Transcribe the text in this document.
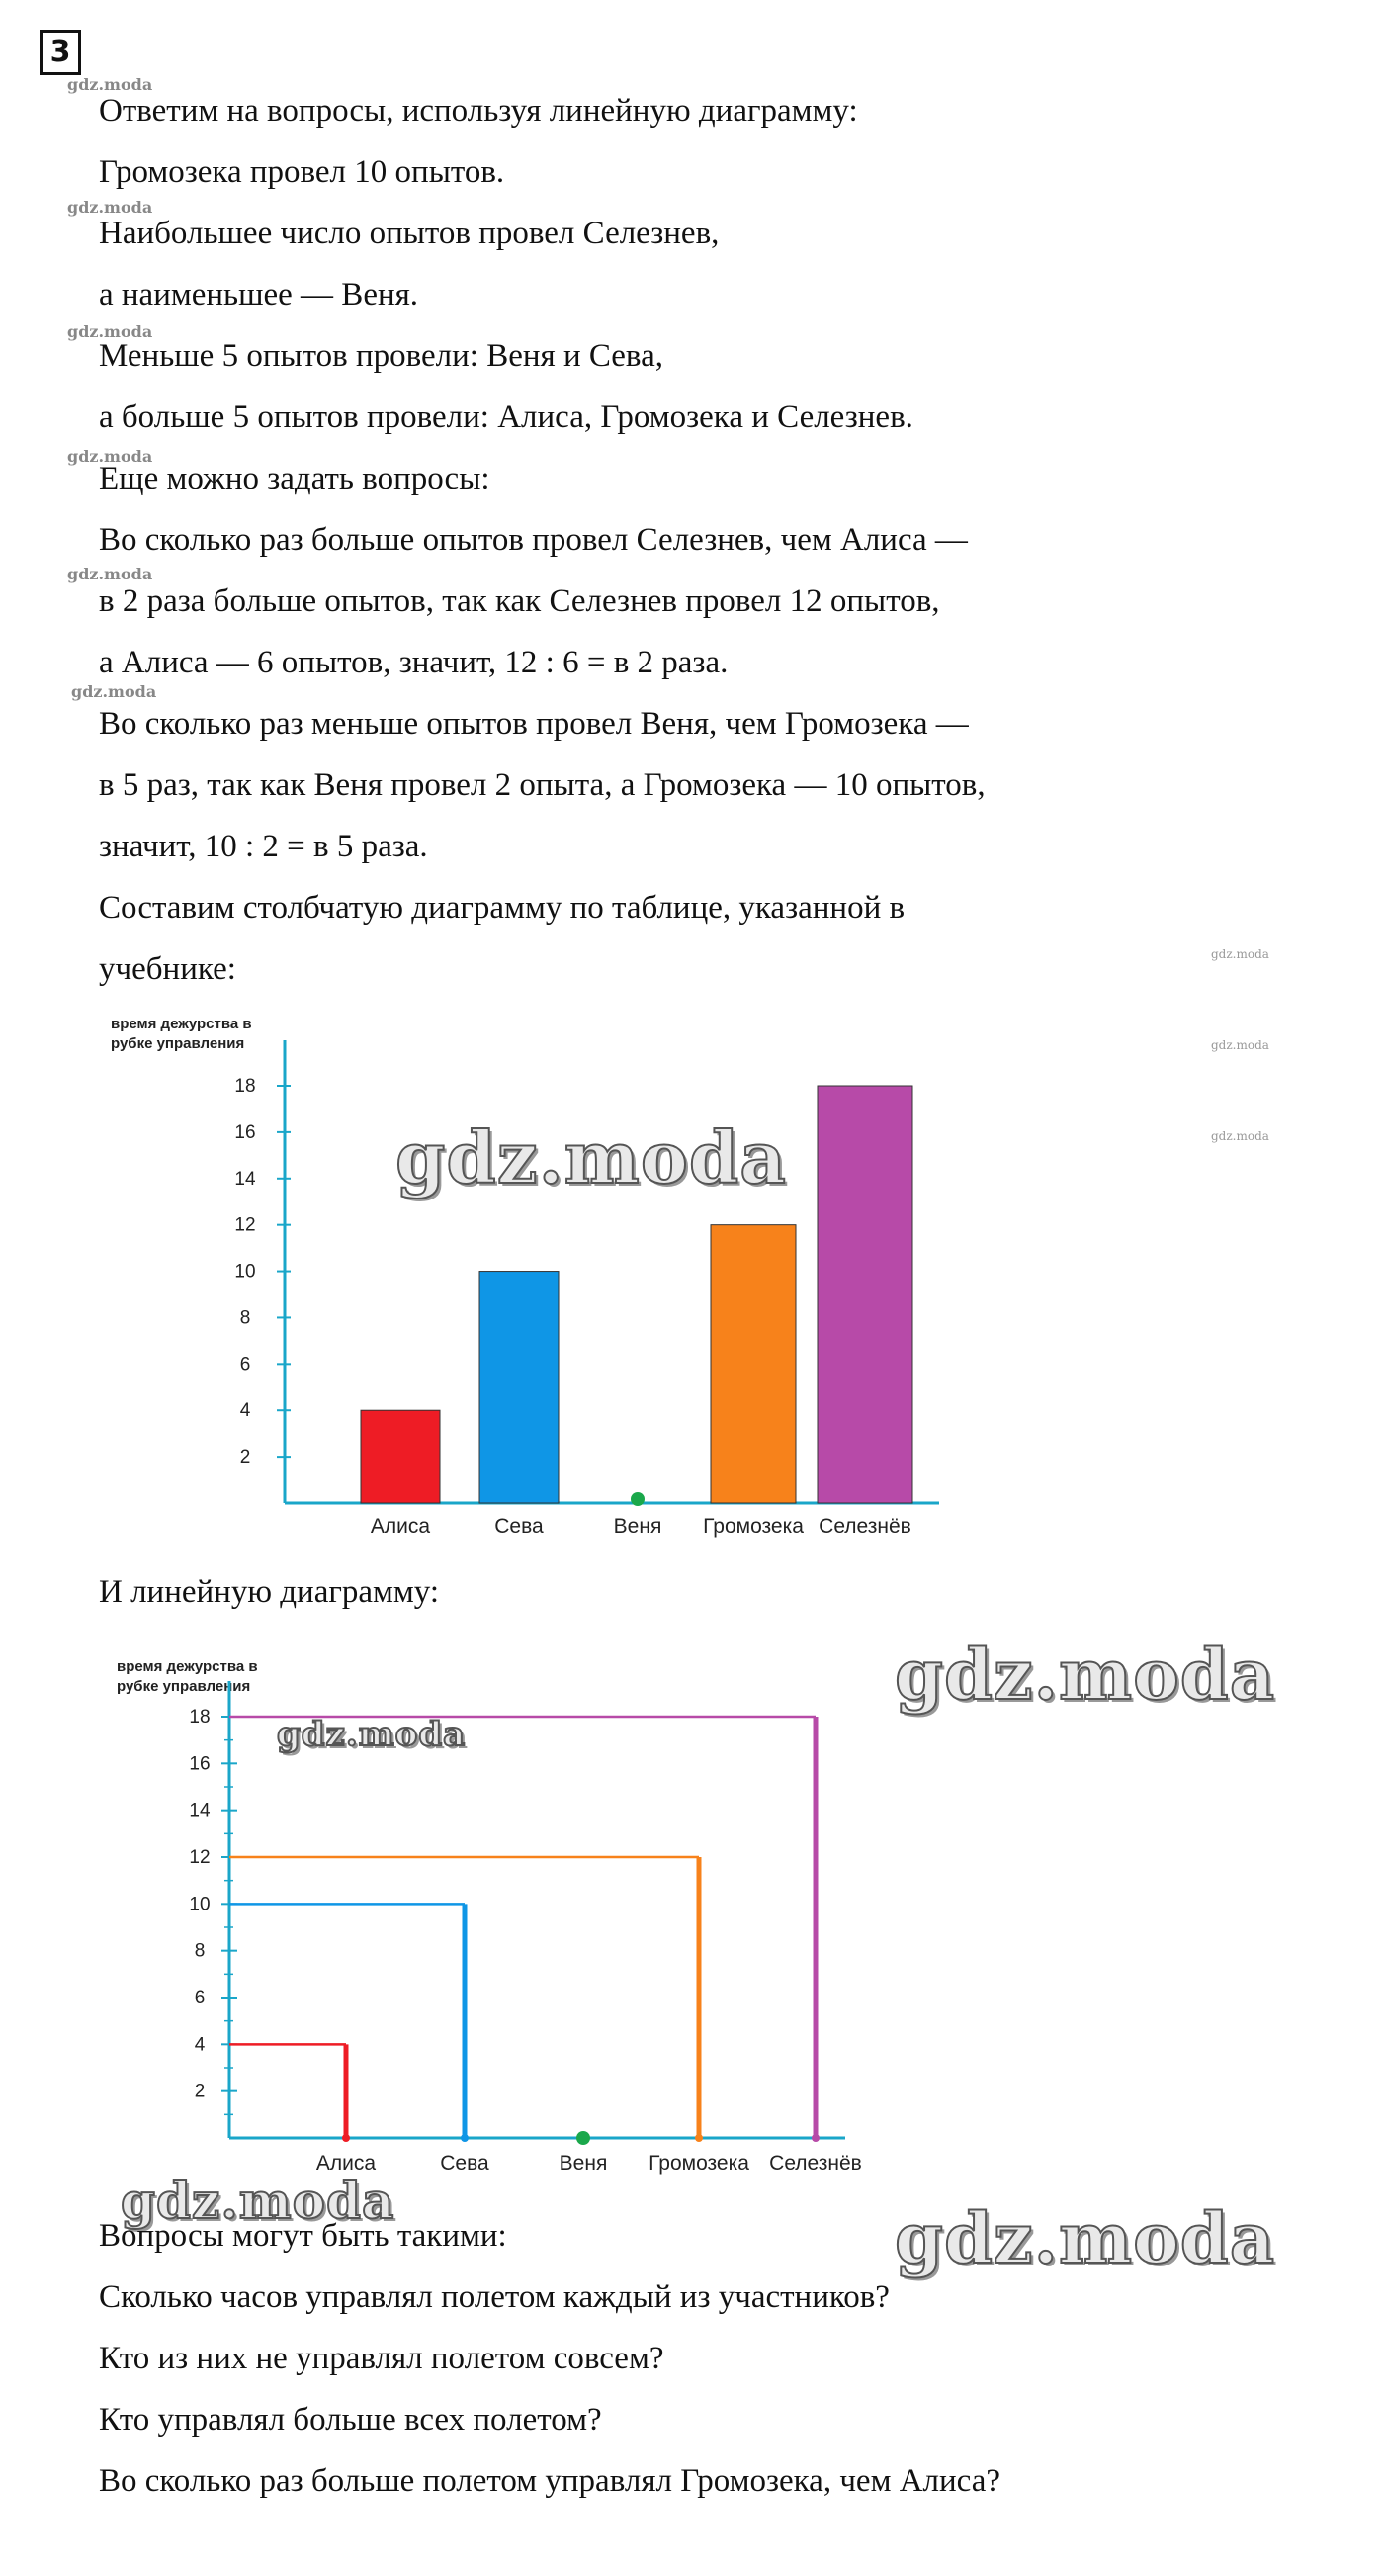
3
gdz.moda
gdz.moda
gdz.moda
gdz.moda
gdz.moda
gdz.moda
gdz.moda
gdz.moda
gdz.moda
Ответим на вопросы, используя линейную диаграмму:
Громозека провел 10 опытов.
Наибольшее число опытов провел Селезнев,
а наименьшее — Веня.
Меньше 5 опытов провели: Веня и Сева,
а больше 5 опытов провели: Алиса, Громозека и Селезнев.
Еще можно задать вопросы:
Во сколько раз больше опытов провел Селезнев, чем Алиса —
в 2 раза больше опытов, так как Селезнев провел 12 опытов,
а Алиса — 6 опытов, значит, 12 : 6 = в 2 раза.
Во сколько раз меньше опытов провел Веня, чем Громозека —
в 5 раз, так как Веня провел 2 опыта, а Громозека — 10 опытов,
значит, 10 : 2 = в 5 раза.
Составим столбчатую диаграмму по таблице, указанной в
учебнике:
время дежурства в
рубке управления
2
4
6
8
10
12
14
16
18
Алиса	Сева	Веня Громозека Селезнёв
gdz.moda
И линейную диаграмму:
время дежурства в
рубке управления
2
4
6
8
10
12
14
16
18
Алиса	Сева	Веня Громозека Селезнёв
gdz.moda
gdz.moda
gdz.moda	gdz.moda
Вопросы могут быть такими:
Сколько часов управлял полетом каждый из участников?
Кто из них не управлял полетом совсем?
Кто управлял больше всех полетом?
Во сколько раз больше полетом управлял Громозека, чем Алиса?
